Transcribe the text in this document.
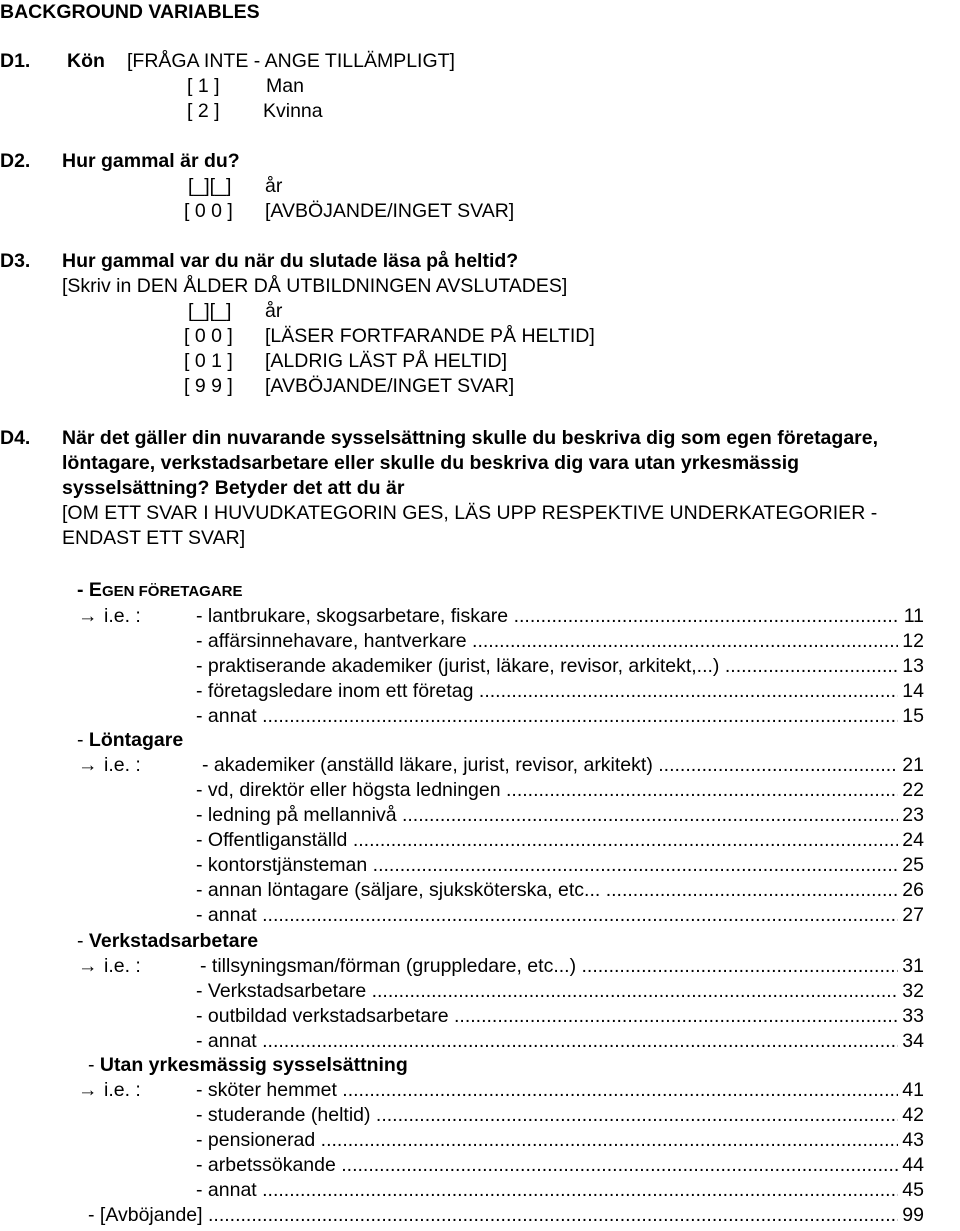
BACKGROUND VARIABLES
D1. Kön [FRÅGA INTE - ANGE TILLÄMPLIGT]
[ 1 ] Man
[ 2 ] Kvinna
D2. Hur gammal är du?
[_]​[_] år
[ 0 0 ] [AVBÖJANDE/INGET SVAR]
D3. Hur gammal var du när du slutade läsa på heltid?
[Skriv in DEN ÅLDER DÅ UTBILDNINGEN AVSLUTADES]
[_]​[_] år
[ 0 0 ] [LÄSER FORTFARANDE PÅ HELTID]
[ 0 1 ] [ALDRIG LÄST PÅ HELTID]
[ 9 9 ] [AVBÖJANDE/INGET SVAR]
D4. När det gäller din nuvarande sysselsättning skulle du beskriva dig som egen företagare,
löntagare, verkstadsarbetare eller skulle du beskriva dig vara utan yrkesmässig
sysselsättning? Betyder det att du är
[OM ETT SVAR I HUVUDKATEGORIN GES, LÄS UPP RESPEKTIVE UNDERKATEGORIER -
ENDAST ETT SVAR]
- EGEN FÖRETAGARE
→ i.e. :	- lantbrukare, skogsarbetare, fiskare .....	11
- affärsinnehavare, hantverkare .....	12
- praktiserande akademiker (jurist, läkare, revisor, arkitekt,...) .....	13
- företagsledare inom ett företag .....	14
- annat .....	15
- Löntagare
→ i.e. :	- akademiker (anställd läkare, jurist, revisor, arkitekt) .....	21
- vd, direktör eller högsta ledningen .....	22
- ledning på mellannivå .....	23
- Offentliganställd .....	24
- kontorstjänsteman .....	25
- annan löntagare (säljare, sjuksköterska, etc... .....	26
- annat .....	27
- Verkstadsarbetare
→ i.e. :	- tillsyningsman/förman (gruppledare, etc...) .....	31
- Verkstadsarbetare .....	32
- outbildad verkstadsarbetare .....	33
- annat .....	34
- Utan yrkesmässig sysselsättning
→ i.e. :	- sköter hemmet .....	41
- studerande (heltid) .....	42
- pensionerad .....	43
- arbetssökande .....	44
- annat .....	45
- [Avböjande] .....	99
